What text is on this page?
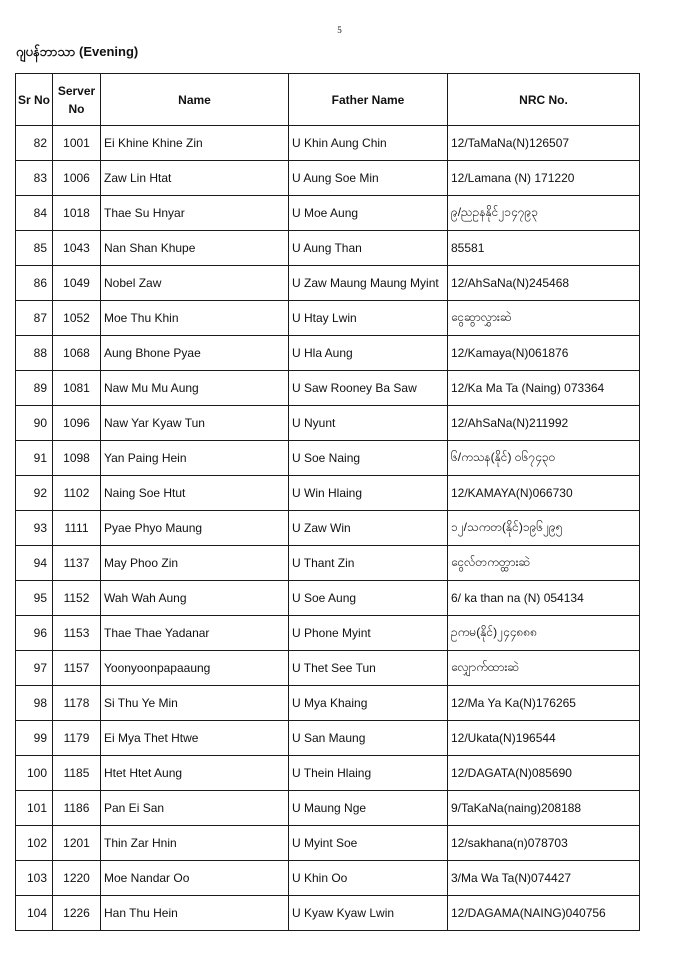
5
ဂျပန်ဘာသာ (Evening)
Sr No	Server No	Name	Father Name	NRC No.
82	1001	Ei Khine Khine Zin	U Khin Aung Chin	12/TaMaNa(N)126507
83	1006	Zaw Lin Htat	U Aung Soe Min	12/Lamana (N) 171220
84	1018	Thae Su Hnyar	U Moe Aung	၉/ညဥနနိုင်၂၁၄၇၉၃
85	1043	Nan Shan Khupe	U Aung Than	85581
86	1049	Nobel Zaw	U Zaw Maung Maung Myint	12/AhSaNa(N)245468
87	1052	Moe Thu Khin	U Htay Lwin	ငွေဆွာလွှားဆဲ
88	1068	Aung Bhone Pyae	U Hla Aung	12/Kamaya(N)061876
89	1081	Naw Mu Mu Aung	U Saw Rooney Ba Saw	12/Ka Ma Ta (Naing) 073364
90	1096	Naw Yar Kyaw Tun	U Nyunt	12/AhSaNa(N)211992
91	1098	Yan Paing Hein	U Soe Naing	၆/ကသန(နိုင်) ၀၆၇၄၃၀
92	1102	Naing Soe Htut	U Win Hlaing	12/KAMAYA(N)066730
93	1111	Pyae Phyo Maung	U Zaw Win	၁၂/သကတ(နိုင်)၁၉၆၂၉၅
94	1137	May Phoo Zin	U Thant Zin	ငွေလ်တကတ္ထားဆဲ
95	1152	Wah Wah Aung	U Soe Aung	6/ ka than na (N) 054134
96	1153	Thae Thae Yadanar	U Phone Myint	ဥကမ(နိုင်)၂၄၄၈၈၈
97	1157	Yoonyoonpapaaung	U Thet See Tun	လျှောက်ထားဆဲ
98	1178	Si Thu Ye Min	U Mya Khaing	12/Ma Ya Ka(N)176265
99	1179	Ei Mya Thet Htwe	U San Maung	12/Ukata(N)196544
100	1185	Htet Htet Aung	U Thein Hlaing	12/DAGATA(N)085690
101	1186	Pan Ei San	U Maung Nge	9/TaKaNa(naing)208188
102	1201	Thin Zar Hnin	U Myint Soe	12/sakhana(n)078703
103	1220	Moe Nandar Oo	U Khin Oo	3/Ma Wa Ta(N)074427
104	1226	Han Thu Hein	U Kyaw Kyaw Lwin	12/DAGAMA(NAING)040756
